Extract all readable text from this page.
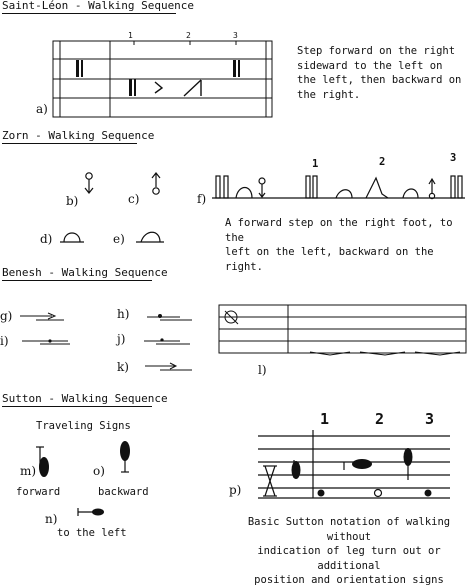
Saint-Léon - Walking Sequence
1	2	3
a)
Step forward on the right
sideward to the left on
the left, then backward on
the right.
Zorn - Walking Sequence
b)	c)
d)	e)
f)
1	2	3
A forward step on the right foot, to the
left on the left, backward on the right.
Benesh - Walking Sequence
g)
i)
h)
j)
k)	l)
Sutton - Walking Sequence
Traveling Signs
m)	o)
n)
p)
forward	backward
to the left
1	2	3
Basic Sutton notation of walking without
indication of leg turn out or additional
position and orientation signs
